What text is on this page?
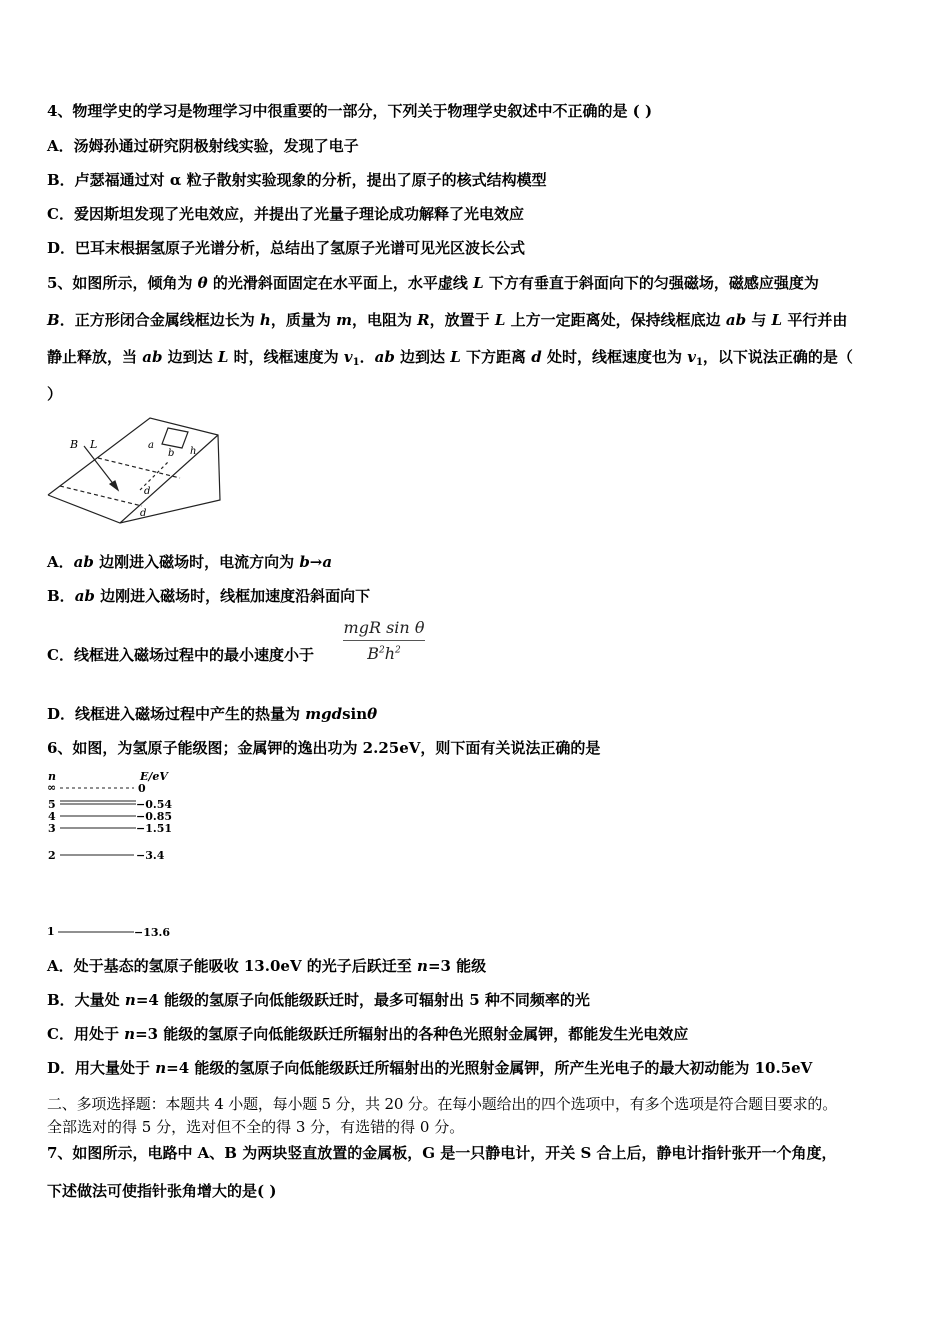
4、物理学史的学习是物理学习中很重要的一部分，下列关于物理学史叙述中不正确的是 ( )
A．汤姆孙通过研究阴极射线实验，发现了电子
B．卢瑟福通过对 α 粒子散射实验现象的分析，提出了原子的核式结构模型
C．爱因斯坦发现了光电效应，并提出了光量子理论成功解释了光电效应
D．巴耳末根据氢原子光谱分析，总结出了氢原子光谱可见光区波长公式
5、如图所示，倾角为 θ 的光滑斜面固定在水平面上，水平虚线 L 下方有垂直于斜面向下的匀强磁场，磁感应强度为
B．正方形闭合金属线框边长为 h，质量为 m，电阻为 R，放置于 L 上方一定距离处，保持线框底边 ab 与 L 平行并由
静止释放，当 ab 边到达 L 时，线框速度为 $v_1$．ab 边到达 L 下方距离 d 处时，线框速度也为 $v_1$，以下说法正确的是（
）
B L	a
b h
d
d
A．ab 边刚进入磁场时，电流方向为 b→a
B．ab 边刚进入磁场时，线框加速度沿斜面向下
C．线框进入磁场过程中的最小速度小于
mgR sin θ
$B^2h^2$
D．线框进入磁场过程中产生的热量为 mgdsinθ
6、如图，为氢原子能级图；金属钾的逸出功为 2.25eV，则下面有关说法正确的是
n	E/eV
∞	0
5	−0.54
4	−0.85
3	−1.51
2	−3.4
1	−13.6
A．处于基态的氢原子能吸收 13.0eV 的光子后跃迁至 n=3 能级
B．大量处 n=4 能级的氢原子向低能级跃迁时，最多可辐射出 5 种不同频率的光
C．用处于 n=3 能级的氢原子向低能级跃迁所辐射出的各种色光照射金属钾，都能发生光电效应
D．用大量处于 n=4 能级的氢原子向低能级跃迁所辐射出的光照射金属钾，所产生光电子的最大初动能为 10.5eV
二、多项选择题：本题共 4 小题，每小题 5 分，共 20 分。在每小题给出的四个选项中，有多个选项是符合题目要求的。
全部选对的得 5 分，选对但不全的得 3 分，有选错的得 0 分。
7、如图所示，电路中 A、B 为两块竖直放置的金属板，G 是一只静电计，开关 S 合上后，静电计指针张开一个角度，
下述做法可使指针张角增大的是( )
